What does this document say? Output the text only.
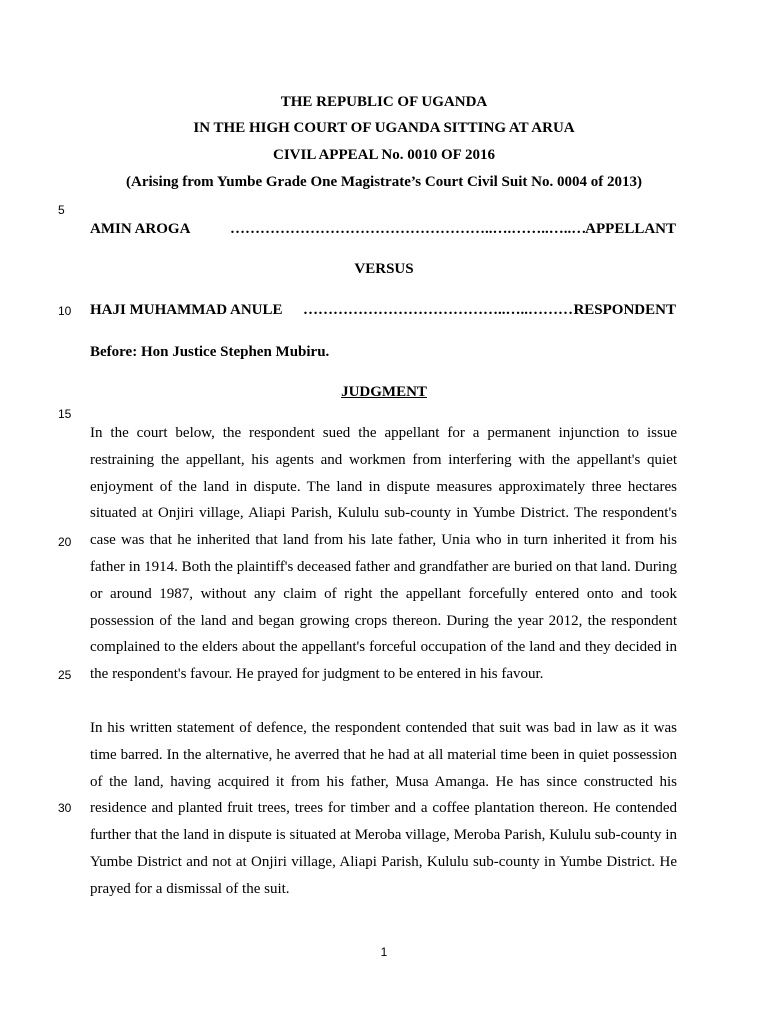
THE REPUBLIC OF UGANDA
IN THE HIGH COURT OF UGANDA SITTING AT ARUA
CIVIL APPEAL No. 0010 OF 2016
(Arising from Yumbe Grade One Magistrate’s Court Civil Suit No. 0004 of 2013)
5
AMIN AROGA	……………………………………………..….……..…..…
APPELLANT
VERSUS
10	HAJI MUHAMMAD ANULE …………………………………..…..……… RESPONDENT
Before: Hon Justice Stephen Mubiru.
JUDGMENT
15

In the court below, the respondent sued the appellant for a permanent injunction to issue restraining the appellant, his agents and workmen from interfering with the appellant's quiet enjoyment of the land in dispute. The land in dispute measures approximately three hectares situated at Onjiri village, Aliapi Parish, Kululu sub-county in Yumbe District. The respondent's case was that he inherited that land from his late father, Unia who in turn inherited it from his father in 1914. Both the plaintiff's deceased father and grandfather are buried on that land. During or around 1987, without any claim of right the appellant forcefully entered onto and took possession of the land and began growing crops thereon. During the year 2012, the respondent complained to the elders about the appellant's forceful occupation of the land and they decided in the respondent's favour. He prayed for judgment to be entered in his favour.

20
25

In his written statement of defence, the respondent contended that suit was bad in law as it was time barred. In the alternative, he averred that he had at all material time been in quiet possession of the land, having acquired it from his father, Musa Amanga. He has since constructed his residence and planted fruit trees, trees for timber and a coffee plantation thereon. He contended further that the land in dispute is situated at Meroba village, Meroba Parish, Kululu sub-county in Yumbe District and not at Onjiri village, Aliapi Parish, Kululu sub-county in Yumbe District. He prayed for a dismissal of the suit.

30
1
